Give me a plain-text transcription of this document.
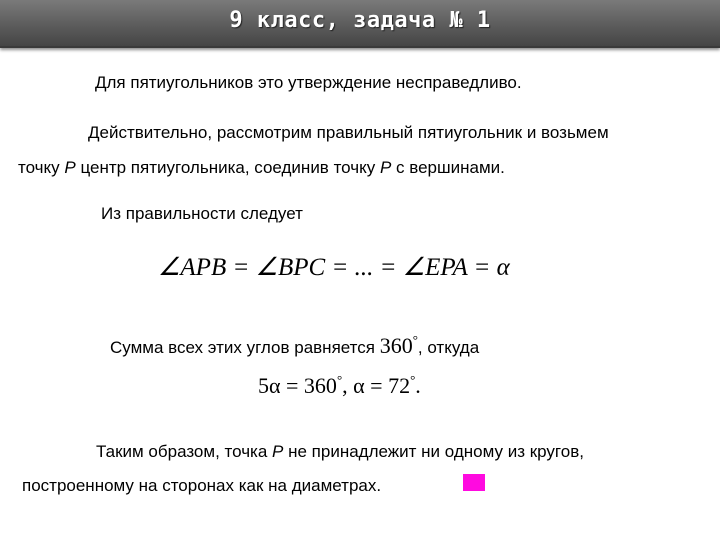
9 класс, задача № 1
Для пятиугольников это утверждение несправедливо.
Действительно, рассмотрим правильный пятиугольник и возьмем
точку P центр пятиугольника, соединив точку P с вершинами.
Из правильности следует
∠APB = ∠BPC = ... = ∠EPA = α
Сумма всех этих углов равняется 360°, откуда
5α = 360°, α = 72°.
Таким образом, точка P не принадлежит ни одному из кругов,
построенному на сторонах как на диаметрах.
